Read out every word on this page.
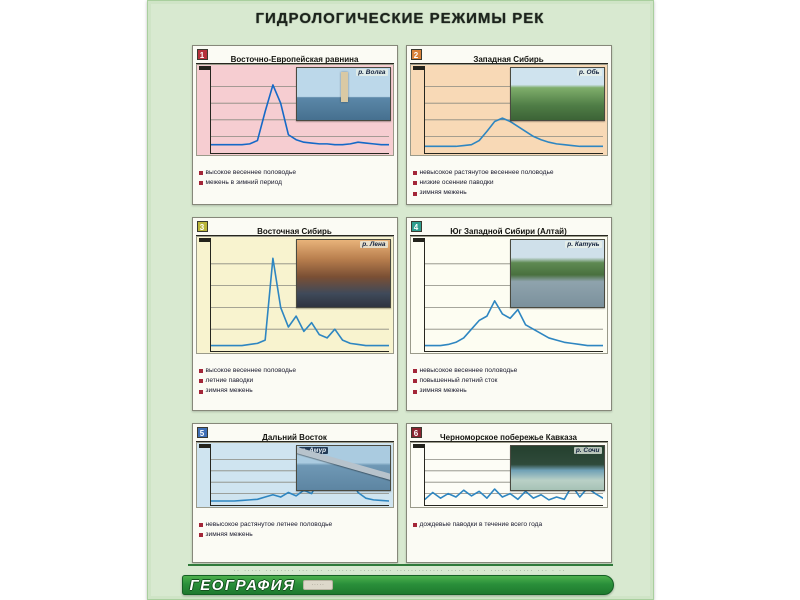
ГИДРОЛОГИЧЕСКИЕ РЕЖИМЫ РЕК
1	Восточно-Европейская равнина
р. Волга
высокое весеннее половодье
межень в зимний период
2	Западная Сибирь
р. Обь
невысокое растянутое весеннее половодье
низкие осенние паводки
зимняя межень
3	Восточная Сибирь
р. Лена
высокое весеннее половодье
летние паводки
зимняя межень
4	Юг Западной Сибири (Алтай)
р. Катунь
невысокое весеннее половодье
повышенный летний сток
зимняя межень
5	Дальний Восток
р. Амур
невысокое растянутое летнее половодье
зимняя межень
6	Черноморское побережье Кавказа
р. Сочи
дождевые паводки в течение всего года
·· ····· ········ ··· ··· ········ ········· ············· ····· ··· · ······ ····· ··· · ··
ГЕОГРАФИЯ	·····
